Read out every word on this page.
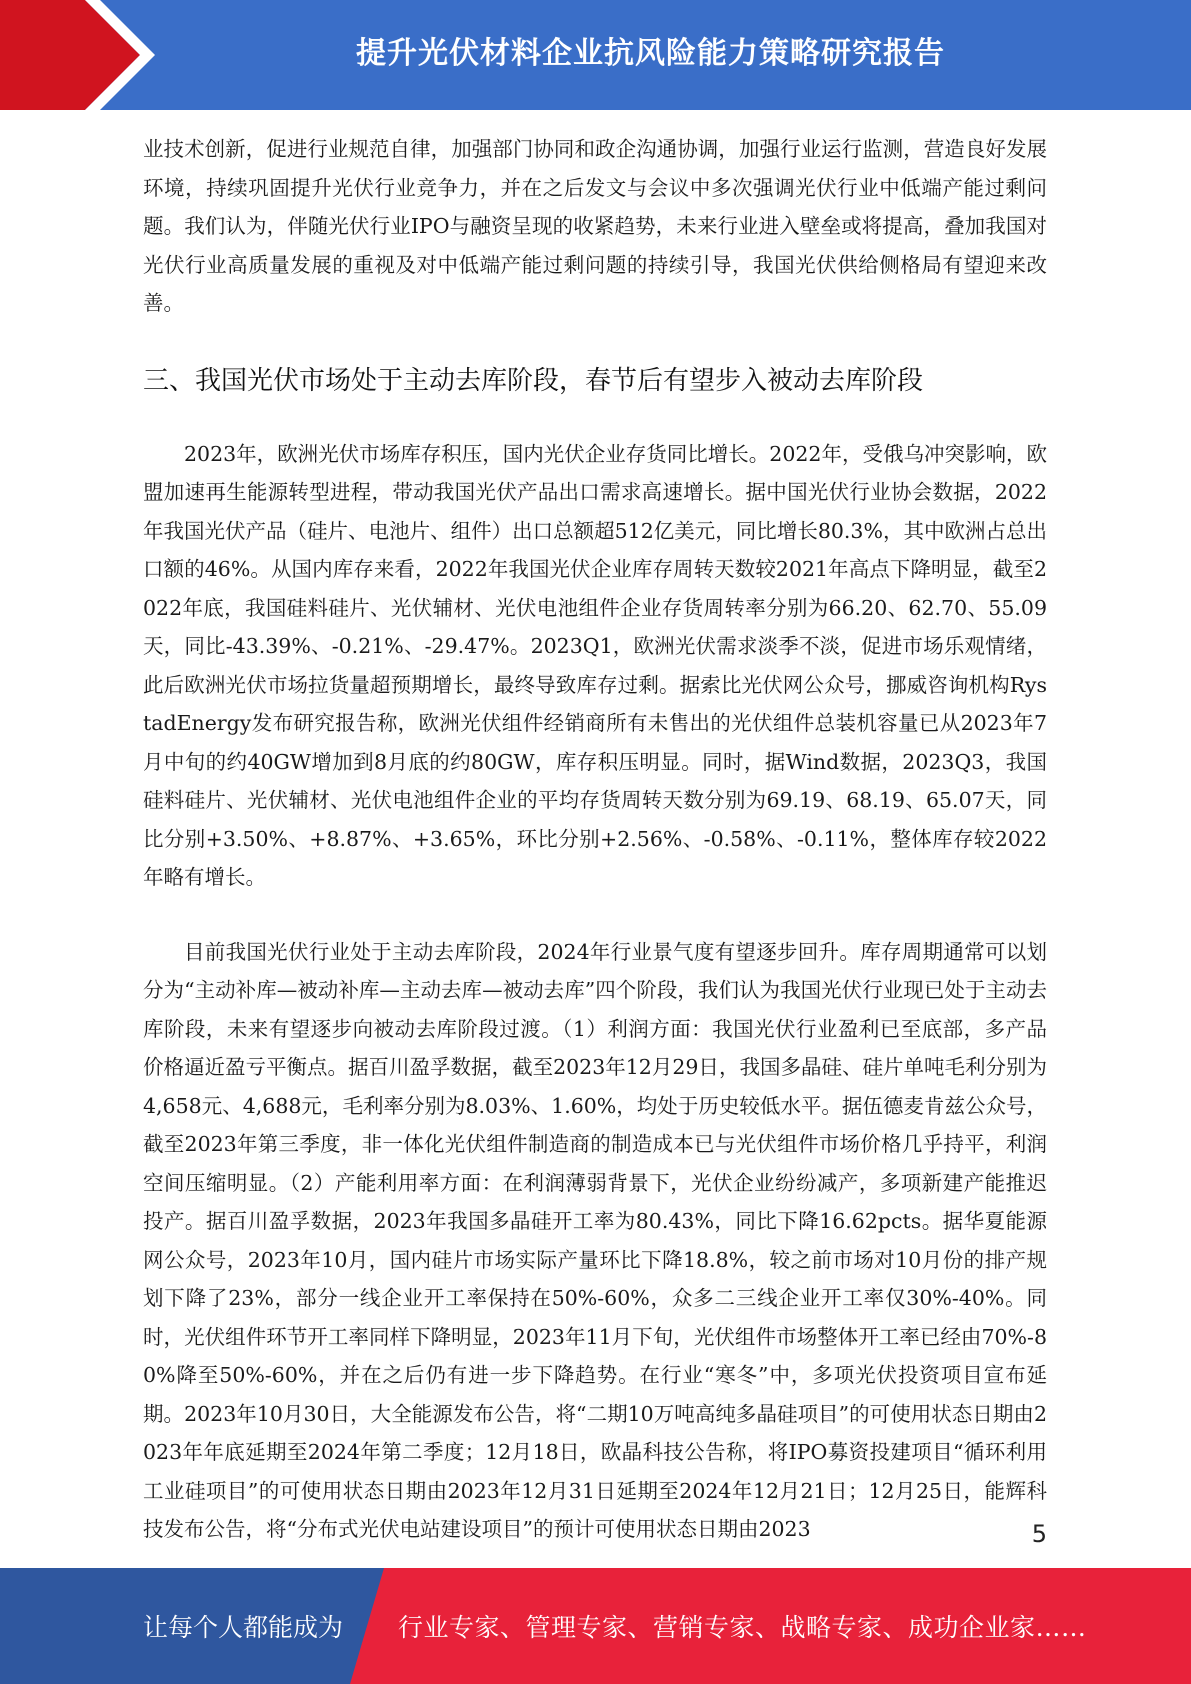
提升光伏材料企业抗风险能力策略研究报告

业技术创新，促进行业规范自律，加强部门协同和政企沟通协调，加强行业运行监测，营造良好发展环境，持续巩固提升光伏行业竞争力，并在之后发文与会议中多次强调光伏行业中低端产能过剩问题。我们认为，伴随光伏行业IPO与融资呈现的收紧趋势，未来行业进入壁垒或将提高，叠加我国对光伏行业高质量发展的重视及对中低端产能过剩问题的持续引导，我国光伏供给侧格局有望迎来改善。

三、我国光伏市场处于主动去库阶段，春节后有望步入被动去库阶段

2023年，欧洲光伏市场库存积压，国内光伏企业存货同比增长。2022年，受俄乌冲突影响，欧盟加速再生能源转型进程，带动我国光伏产品出口需求高速增长。据中国光伏行业协会数据，2022年我国光伏产品（硅片、电池片、组件）出口总额超512亿美元，同比增长80.3%，其中欧洲占总出口额的46%。从国内库存来看，2022年我国光伏企业库存周转天数较2021年高点下降明显，截至2022年底，我国硅料硅片、光伏辅材、光伏电池组件企业存货周转率分别为66.20、62.70、55.09天，同比-43.39%、-0.21%、-29.47%。2023Q1，欧洲光伏需求淡季不淡，促进市场乐观情绪，此后欧洲光伏市场拉货量超预期增长，最终导致库存过剩。据索比光伏网公众号，挪威咨询机构RystadEnergy发布研究报告称，欧洲光伏组件经销商所有未售出的光伏组件总装机容量已从2023年7月中旬的约40GW增加到8月底的约80GW，库存积压明显。同时，据Wind数据，2023Q3，我国硅料硅片、光伏辅材、光伏电池组件企业的平均存货周转天数分别为69.19、68.19、65.07天，同比分别+3.50%、+8.87%、+3.65%，环比分别+2.56%、-0.58%、-0.11%，整体库存较2022年略有增长。

目前我国光伏行业处于主动去库阶段，2024年行业景气度有望逐步回升。库存周期通常可以划分为“主动补库—被动补库—主动去库—被动去库”四个阶段，我们认为我国光伏行业现已处于主动去库阶段，未来有望逐步向被动去库阶段过渡。（1）利润方面：我国光伏行业盈利已至底部，多产品价格逼近盈亏平衡点。据百川盈孚数据，截至2023年12月29日，我国多晶硅、硅片单吨毛利分别为4,658元、4,688元，毛利率分别为8.03%、1.60%，均处于历史较低水平。据伍德麦肯兹公众号，截至2023年第三季度，非一体化光伏组件制造商的制造成本已与光伏组件市场价格几乎持平，利润空间压缩明显。（2）产能利用率方面：在利润薄弱背景下，光伏企业纷纷减产，多项新建产能推迟投产。据百川盈孚数据，2023年我国多晶硅开工率为80.43%，同比下降16.62pcts。据华夏能源网公众号，2023年10月，国内硅片市场实际产量环比下降18.8%，较之前市场对10月份的排产规划下降了23%，部分一线企业开工率保持在50%-60%，众多二三线企业开工率仅30%-40%。同时，光伏组件环节开工率同样下降明显，2023年11月下旬，光伏组件市场整体开工率已经由70%-80%降至50%-60%，并在之后仍有进一步下降趋势。在行业“寒冬”中，多项光伏投资项目宣布延期。2023年10月30日，大全能源发布公告，将“二期10万吨高纯多晶硅项目”的可使用状态日期由2023年年底延期至2024年第二季度；12月18日，欧晶科技公告称，将IPO募资投建项目“循环利用工业硅项目”的可使用状态日期由2023年12月31日延期至2024年12月21日；12月25日，能辉科技发布公告，将“分布式光伏电站建设项目”的预计可使用状态日期由2023	5
让每个人都能成为 行业专家、管理专家、营销专家、战略专家、成功企业家……
